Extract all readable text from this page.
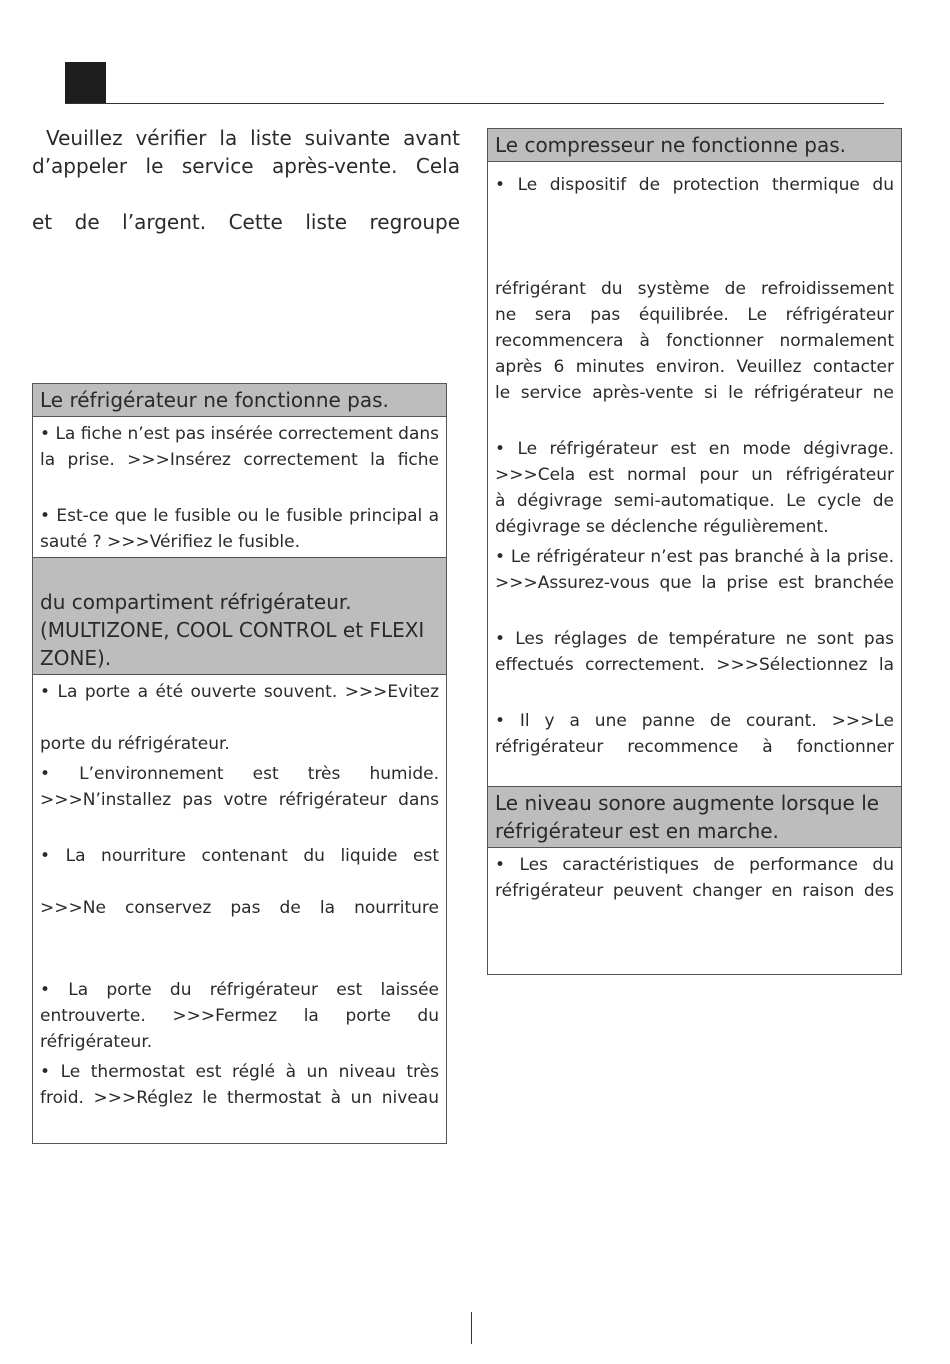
Veuillez vérifier la liste suivante avant

d’appeler le service après-vente. Cela

et de l’argent. Cette liste regroupe

Le réfrigérateur ne fonctionne pas.
• La fiche n’est pas insérée correctement dans
la prise. >>>Insérez correctement la fiche
• Est-ce que le fusible ou le fusible principal a
sauté ? >>>Vérifiez le fusible.
du compartiment réfrigérateur.
(MULTIZONE, COOL CONTROL et FLEXI
ZONE).
• La porte a été ouverte souvent. >>>Evitez
porte du réfrigérateur.
• L’environnement est très humide.
>>>N’installez pas votre réfrigérateur dans
• La nourriture contenant du liquide est
>>>Ne conservez pas de la nourriture
• La porte du réfrigérateur est laissée
entrouverte. >>>Fermez la porte du
réfrigérateur.
• Le thermostat est réglé à un niveau très
froid. >>>Réglez le thermostat à un niveau
Le compresseur ne fonctionne pas.
• Le dispositif de protection thermique du
réfrigérant du système de refroidissement
ne sera pas équilibrée. Le réfrigérateur
recommencera à fonctionner normalement
après 6 minutes environ. Veuillez contacter
le service après-vente si le réfrigérateur ne
• Le réfrigérateur est en mode dégivrage.
>>>Cela est normal pour un réfrigérateur
à dégivrage semi-automatique. Le cycle de
dégivrage se déclenche régulièrement.
• Le réfrigérateur n’est pas branché à la prise.
>>>Assurez-vous que la prise est branchée
• Les réglages de température ne sont pas
effectués correctement. >>>Sélectionnez la
• Il y a une panne de courant. >>>Le
réfrigérateur recommence à fonctionner
Le niveau sonore augmente lorsque le
réfrigérateur est en marche.
• Les caractéristiques de performance du
réfrigérateur peuvent changer en raison des
